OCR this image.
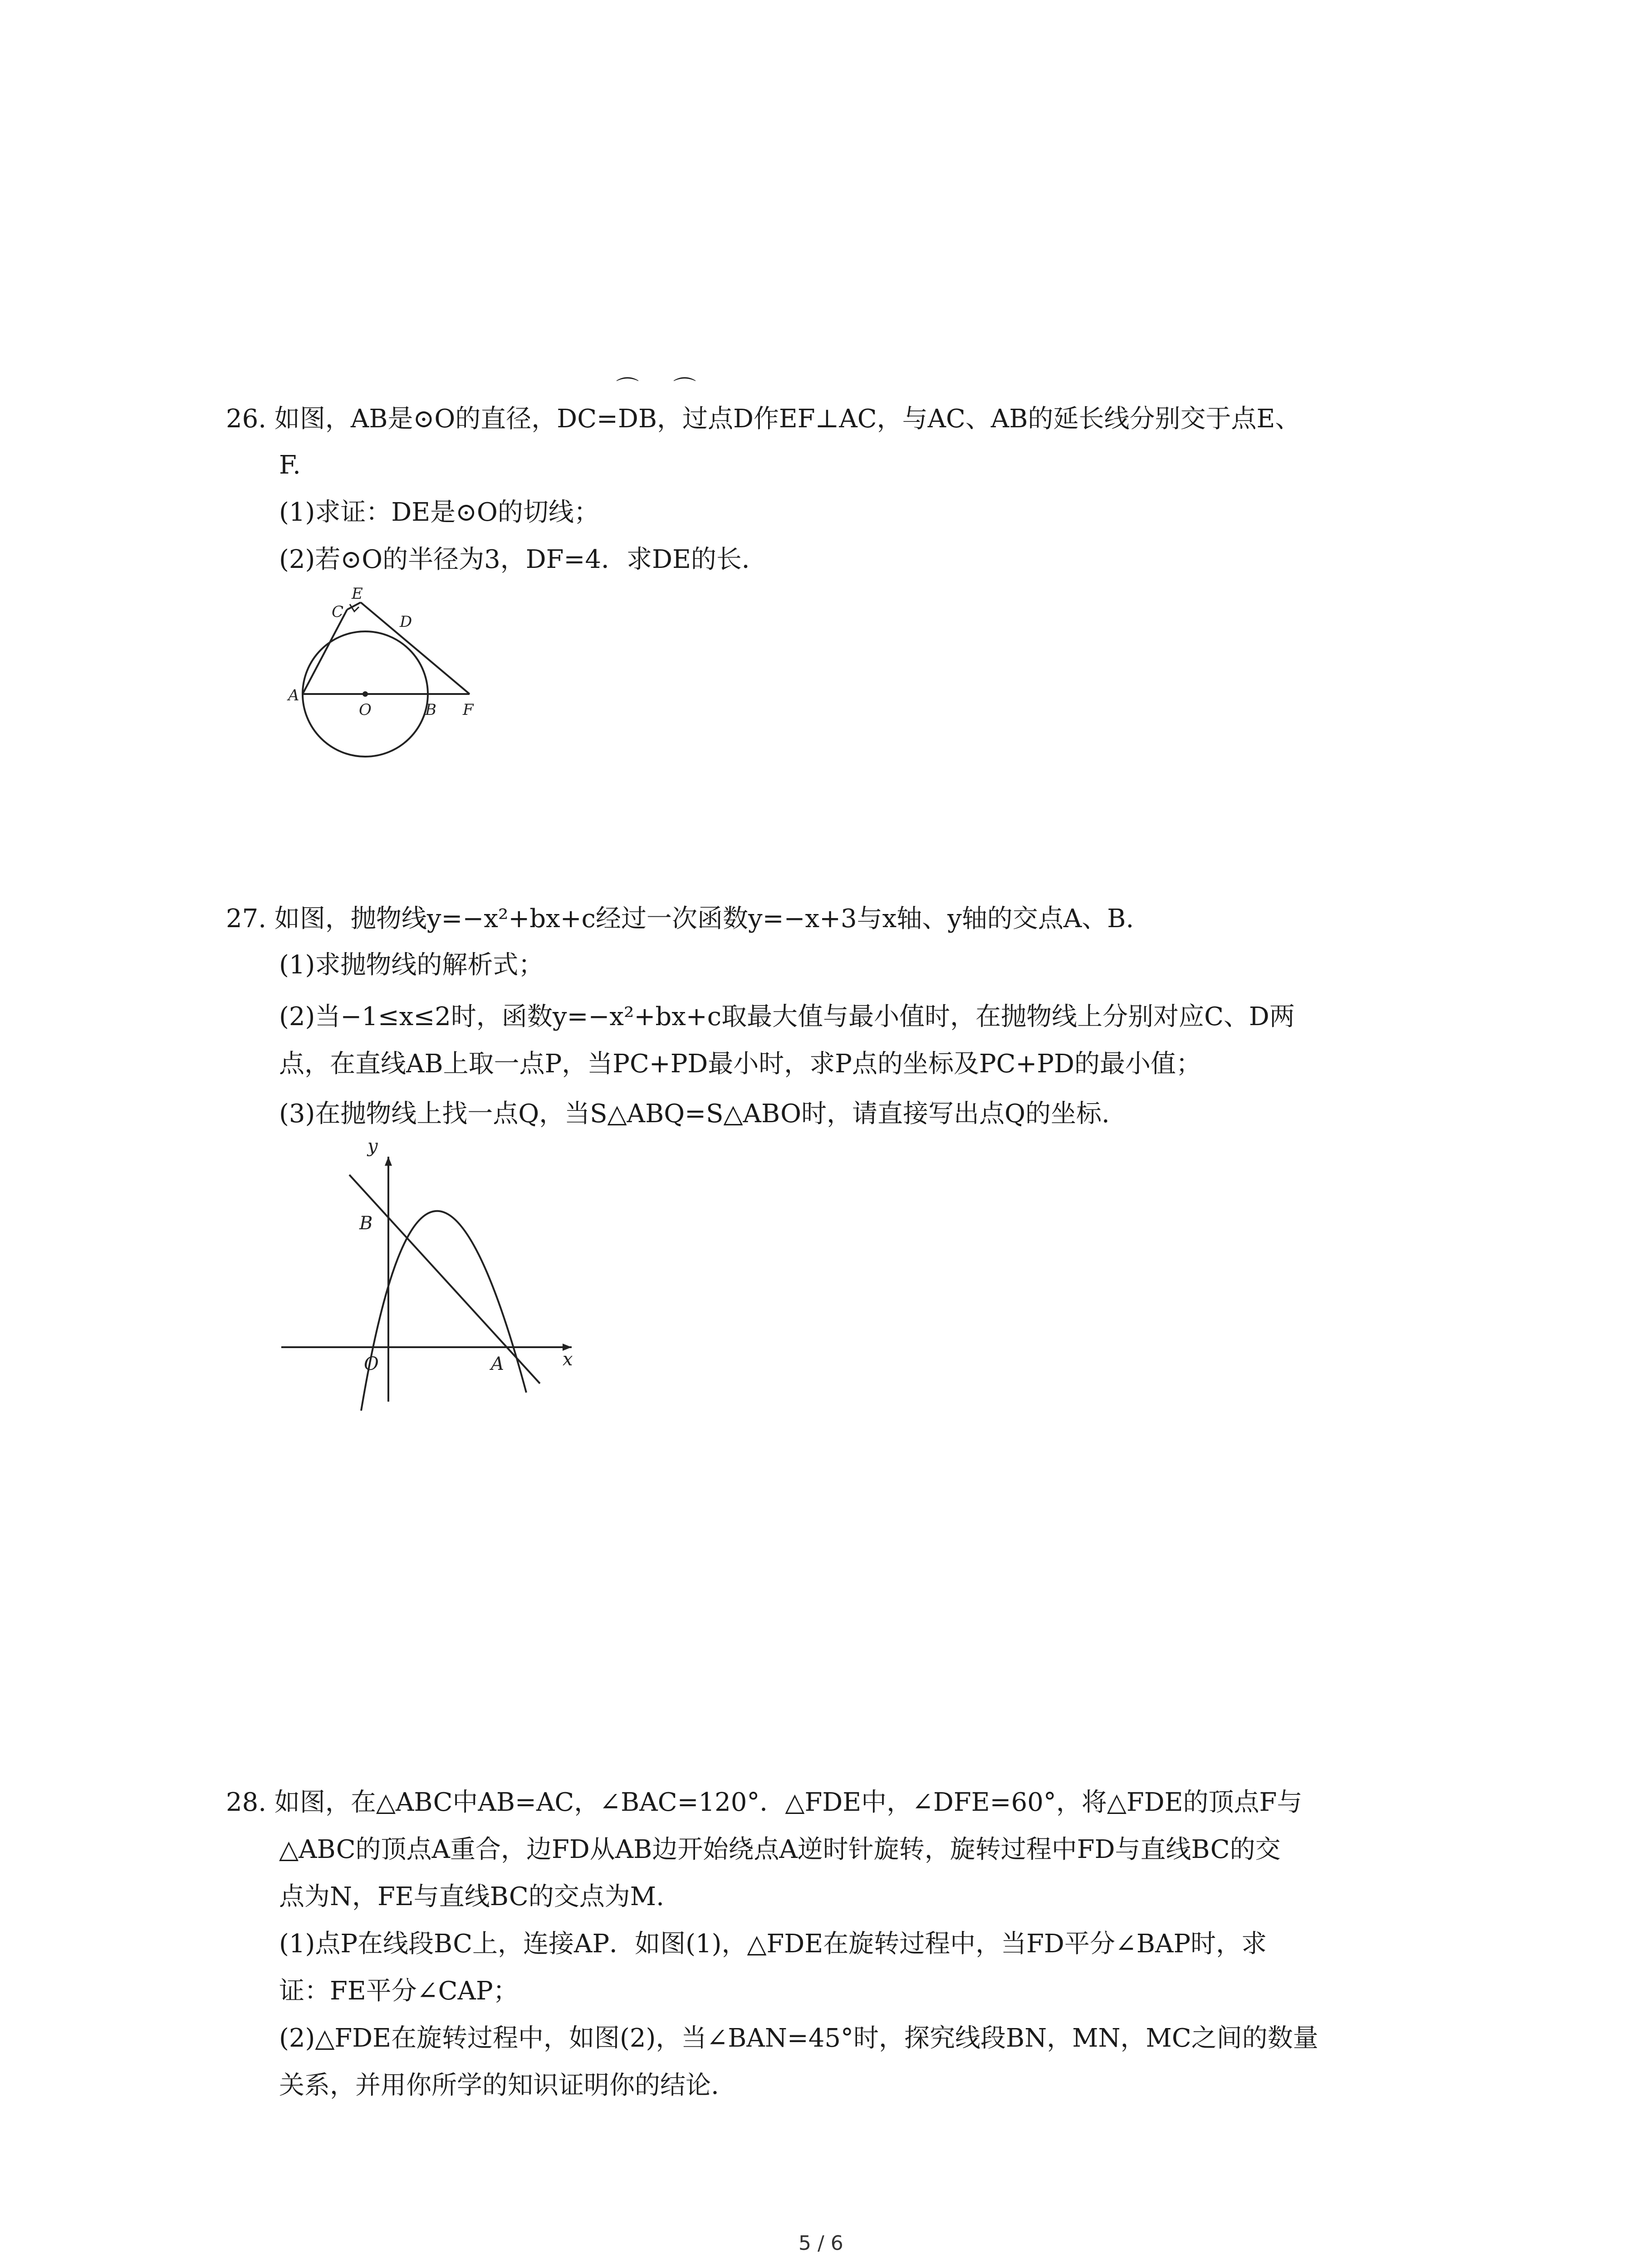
⌒ ⌒
26. 如图，AB是⊙O的直径，DC=DB，过点D作EF⊥AC，与AC、AB的延长线分别交于点E、
F.
(1)求证：DE是⊙O的切线；
(2)若⊙O的半径为3，DF=4．求DE的长．
A
O	B F
C
E
D
27. 如图，抛物线y=−x²+bx+c经过一次函数y=−x+3与x轴、y轴的交点A、B.
(1)求抛物线的解析式；
(2)当−1≤x≤2时，函数y=−x²+bx+c取最大值与最小值时，在抛物线上分别对应C、D两
点，在直线AB上取一点P，当PC+PD最小时，求P点的坐标及PC+PD的最小值；
(3)在抛物线上找一点Q，当S△ABQ=S△ABO时，请直接写出点Q的坐标.
y
x
B
O	A
28. 如图，在△ABC中AB=AC，∠BAC=120°．△FDE中，∠DFE=60°，将△FDE的顶点F与
△ABC的顶点A重合，边FD从AB边开始绕点A逆时针旋转，旋转过程中FD与直线BC的交
点为N，FE与直线BC的交点为M.
(1)点P在线段BC上，连接AP．如图(1)，△FDE在旋转过程中，当FD平分∠BAP时，求
证：FE平分∠CAP；
(2)△FDE在旋转过程中，如图(2)，当∠BAN=45°时，探究线段BN，MN，MC之间的数量
关系，并用你所学的知识证明你的结论.
5 / 6
